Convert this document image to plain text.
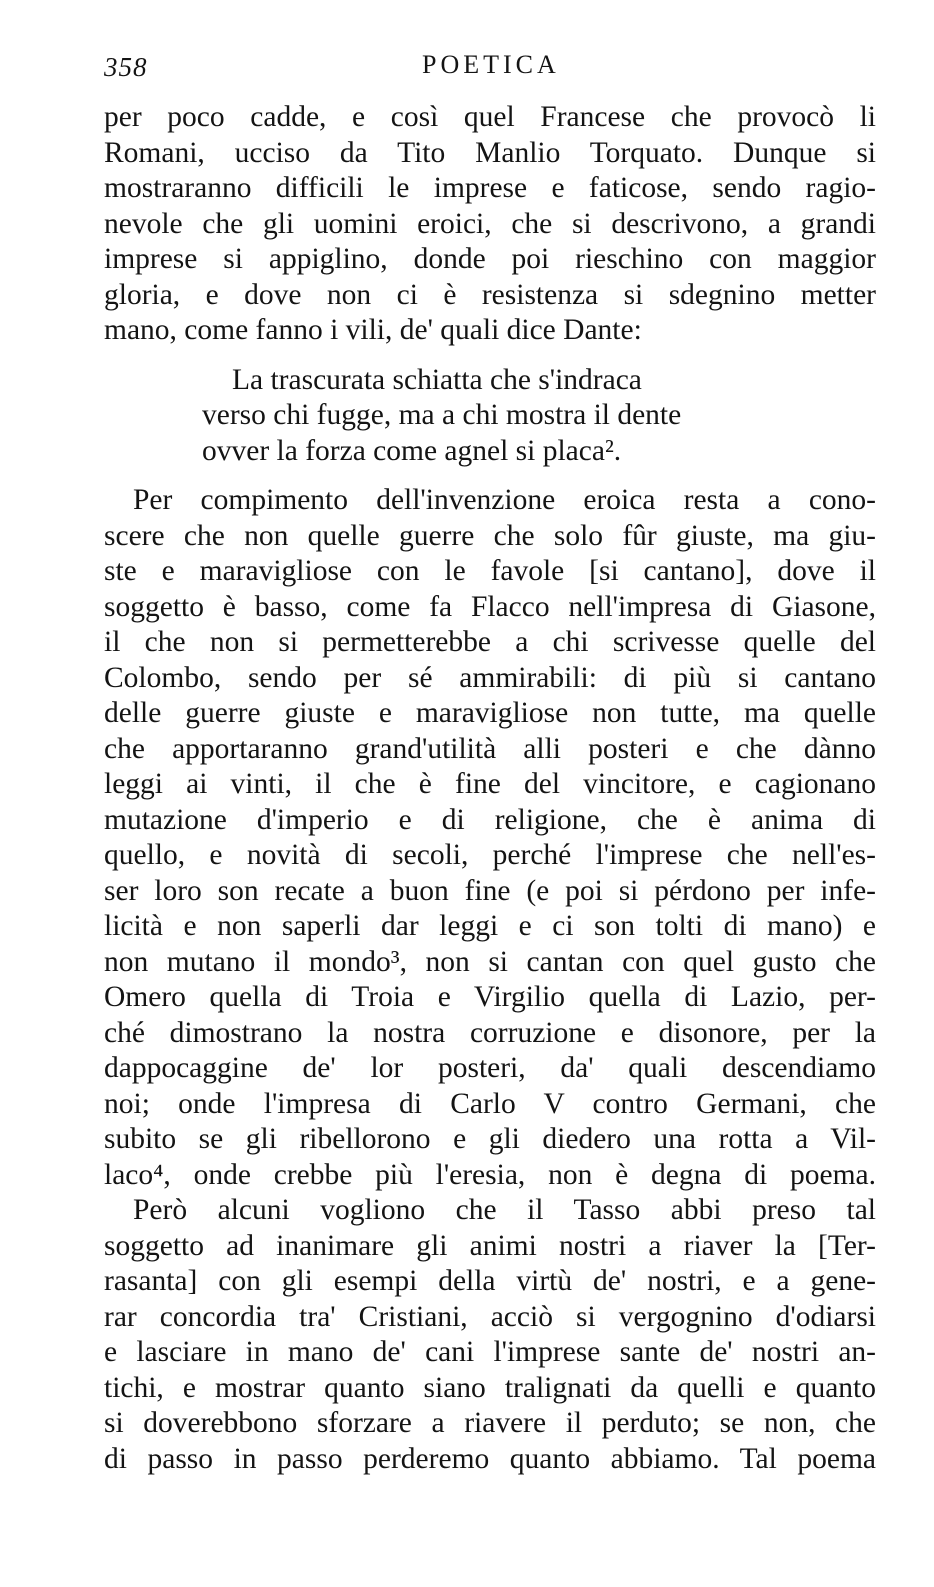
358	POETICA
per poco cadde, e così quel Francese che provocò li
Romani, ucciso da Tito Manlio Torquato. Dunque si
mostraranno difficili le imprese e faticose, sendo ragio-
nevole che gli uomini eroici, che si descrivono, a grandi
imprese si appiglino, donde poi rieschino con maggior
gloria, e dove non ci è resistenza si sdegnino metter
mano, come fanno i vili, de' quali dice Dante:
La trascurata schiatta che s'indraca
verso chi fugge, ma a chi mostra il dente
ovver la forza come agnel si placa².
Per compimento dell'invenzione eroica resta a cono-
scere che non quelle guerre che solo fûr giuste, ma giu-
ste e maravigliose con le favole [si cantano], dove il
soggetto è basso, come fa Flacco nell'impresa di Giasone,
il che non si permetterebbe a chi scrivesse quelle del
Colombo, sendo per sé ammirabili: di più si cantano
delle guerre giuste e maravigliose non tutte, ma quelle
che apportaranno grand'utilità alli posteri e che dànno
leggi ai vinti, il che è fine del vincitore, e cagionano
mutazione d'imperio e di religione, che è anima di
quello, e novità di secoli, perché l'imprese che nell'es-
ser loro son recate a buon fine (e poi si pérdono per infe-
licità e non saperli dar leggi e ci son tolti di mano) e
non mutano il mondo³, non si cantan con quel gusto che
Omero quella di Troia e Virgilio quella di Lazio, per-
ché dimostrano la nostra corruzione e disonore, per la
dappocaggine de' lor posteri, da' quali descendiamo
noi; onde l'impresa di Carlo V contro Germani, che
subito se gli ribellorono e gli diedero una rotta a Vil-
laco⁴, onde crebbe più l'eresia, non è degna di poema.
Però alcuni vogliono che il Tasso abbi preso tal
soggetto ad inanimare gli animi nostri a riaver la [Ter-
rasanta] con gli esempi della virtù de' nostri, e a gene-
rar concordia tra' Cristiani, acciò si vergognino d'odiarsi
e lasciare in mano de' cani l'imprese sante de' nostri an-
tichi, e mostrar quanto siano tralignati da quelli e quanto
si doverebbono sforzare a riavere il perduto; se non, che
di passo in passo perderemo quanto abbiamo. Tal poema
